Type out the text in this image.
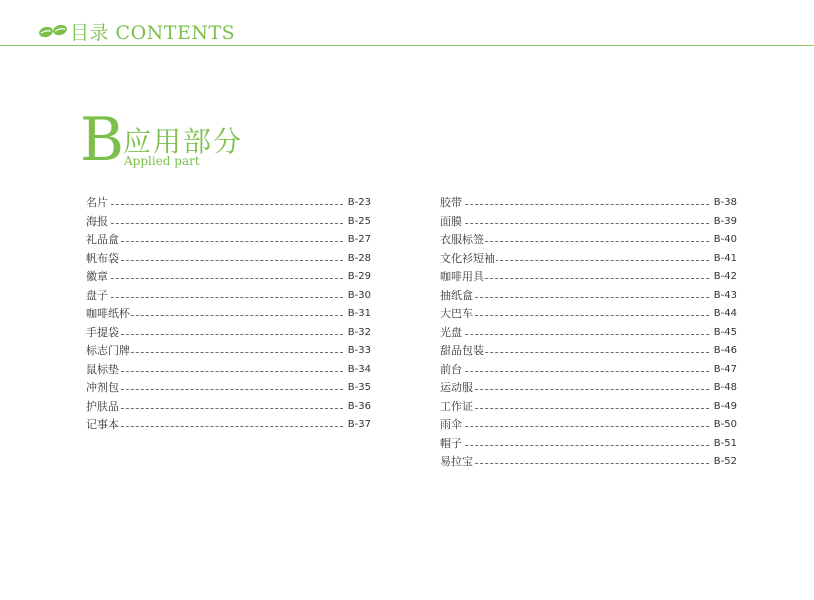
目录 CONTENTS
B
应用部分
Applied part
名片	B-23
海报	B-25
礼品盒	B-27
帆布袋	B-28
徽章	B-29
盘子	B-30
咖啡纸杯	B-31
手提袋	B-32
标志门牌	B-33
鼠标垫	B-34
冲剂包	B-35
护肤品	B-36
记事本	B-37
胶带	B-38
面膜	B-39
衣服标签	B-40
文化衫短袖	B-41
咖啡用具	B-42
抽纸盒	B-43
大巴车	B-44
光盘	B-45
甜品包装	B-46
前台	B-47
运动服	B-48
工作证	B-49
雨伞	B-50
帽子	B-51
易拉宝	B-52
